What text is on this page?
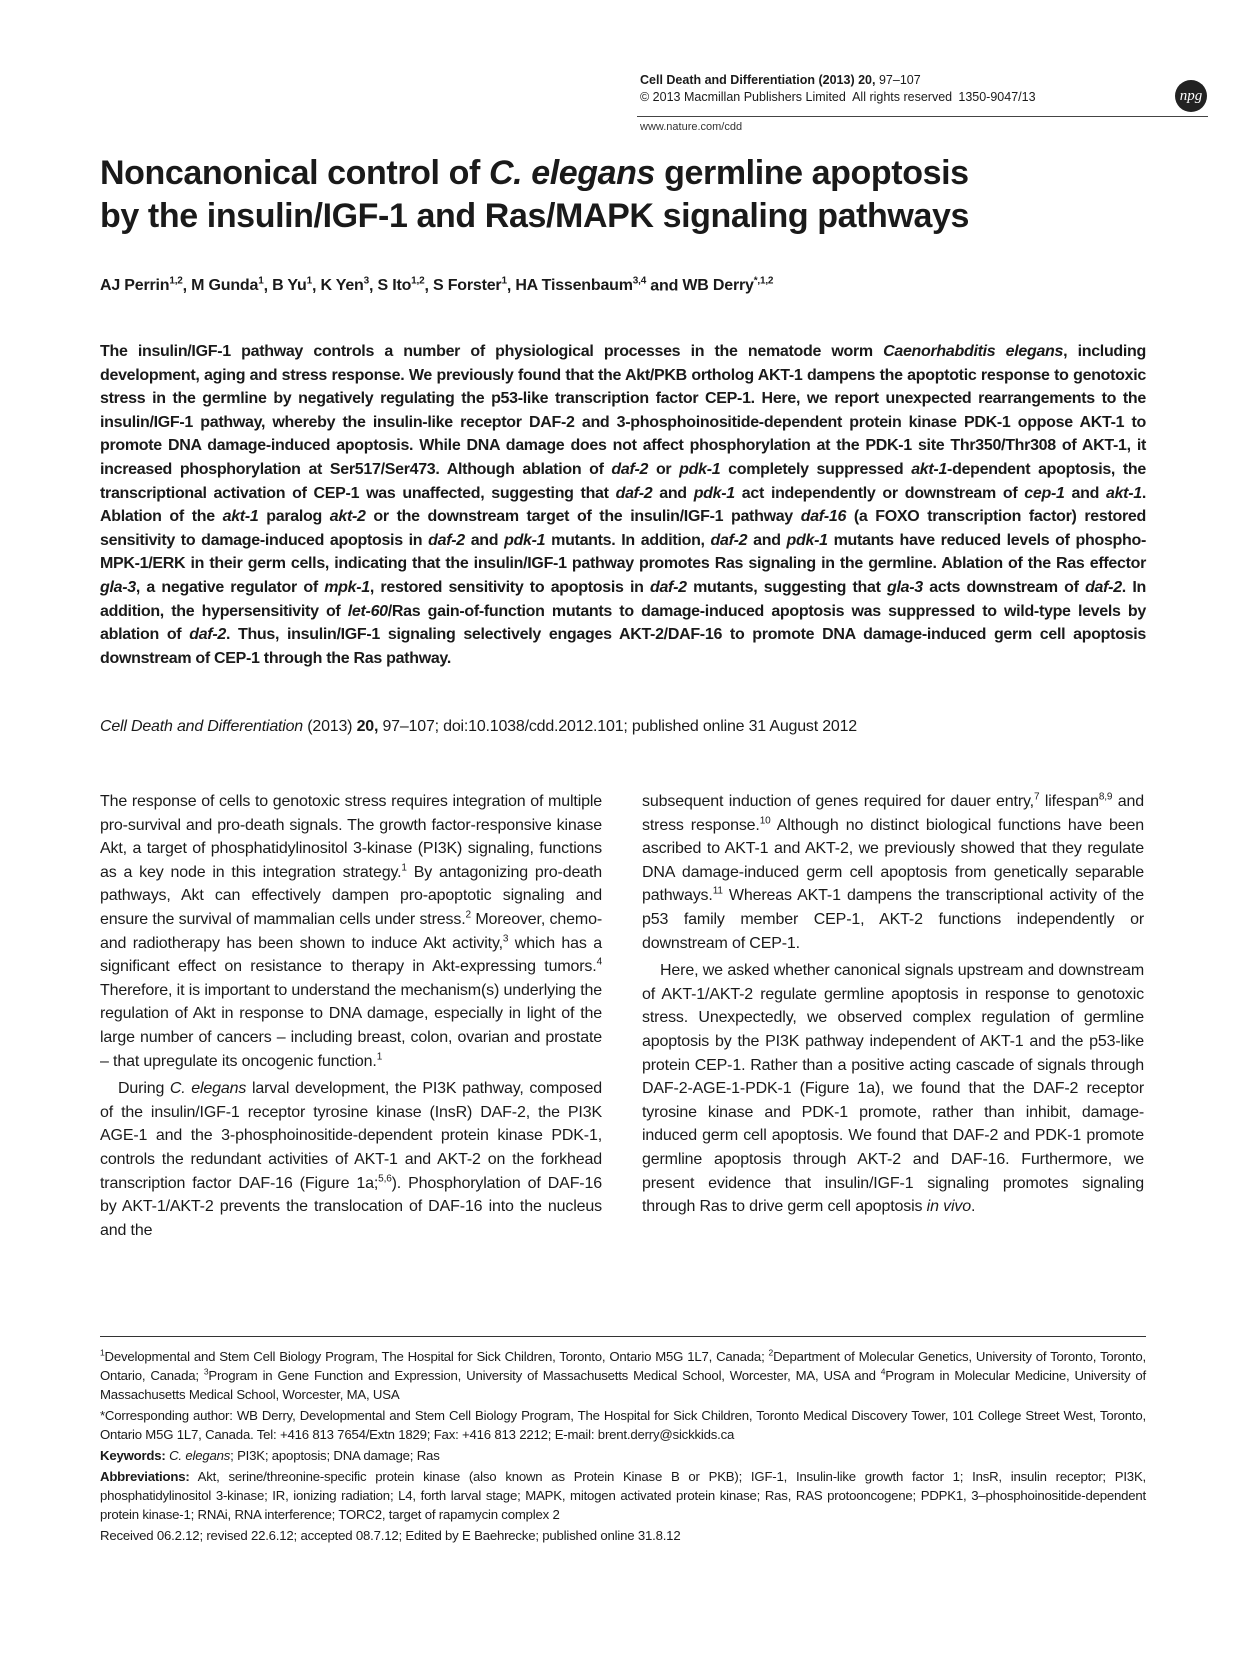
Cell Death and Differentiation (2013) 20, 97–107
© 2013 Macmillan Publishers Limited All rights reserved 1350-9047/13	npg
www.nature.com/cdd
Noncanonical control of C. elegans germline apoptosis
by the insulin/IGF-1 and Ras/MAPK signaling pathways
AJ Perrin$^{1,2}$, M Gunda$^1$, B Yu$^1$, K Yen$^3$, S Ito$^{1,2}$, S Forster$^1$, HA Tissenbaum$^{3,4}$ and WB Derry$^{*,1,2}$
The insulin/IGF-1 pathway controls a number of physiological processes in the nematode worm Caenorhabditis elegans, including development, aging and stress response. We previously found that the Akt/PKB ortholog AKT-1 dampens the apoptotic response to genotoxic stress in the germline by negatively regulating the p53-like transcription factor CEP-1. Here, we report unexpected rearrangements to the insulin/IGF-1 pathway, whereby the insulin-like receptor DAF-2 and 3-phosphoinositide-dependent protein kinase PDK-1 oppose AKT-1 to promote DNA damage-induced apoptosis. While DNA damage does not affect phosphorylation at the PDK-1 site Thr350/Thr308 of AKT-1, it increased phosphorylation at Ser517/Ser473. Although ablation of daf-2 or pdk-1 completely suppressed akt-1-dependent apoptosis, the transcriptional activation of CEP-1 was unaffected, suggesting that daf-2 and pdk-1 act independently or downstream of cep-1 and akt-1. Ablation of the akt-1 paralog akt-2 or the downstream target of the insulin/IGF-1 pathway daf-16 (a FOXO transcription factor) restored sensitivity to damage-induced apoptosis in daf-2 and pdk-1 mutants. In addition, daf-2 and pdk-1 mutants have reduced levels of phospho-MPK-1/ERK in their germ cells, indicating that the insulin/IGF-1 pathway promotes Ras signaling in the germline. Ablation of the Ras effector gla-3, a negative regulator of mpk-1, restored sensitivity to apoptosis in daf-2 mutants, suggesting that gla-3 acts downstream of daf-2. In addition, the hypersensitivity of let-60/Ras gain-of-function mutants to damage-induced apoptosis was suppressed to wild-type levels by ablation of daf-2. Thus, insulin/IGF-1 signaling selectively engages AKT-2/DAF-16 to promote DNA damage-induced germ cell apoptosis downstream of CEP-1 through the Ras pathway.
Cell Death and Differentiation (2013) 20, 97–107; doi:10.1038/cdd.2012.101; published online 31 August 2012

The response of cells to genotoxic stress requires integration of multiple pro-survival and pro-death signals. The growth factor-responsive kinase Akt, a target of phosphatidylinositol 3-kinase (PI3K) signaling, functions as a key node in this integration strategy.$^1$ By antagonizing pro-death pathways, Akt can effectively dampen pro-apoptotic signaling and ensure the survival of mammalian cells under stress.$^2$ Moreover, chemo- and radiotherapy has been shown to induce Akt activity,$^3$ which has a significant effect on resistance to therapy in Akt-expressing tumors.$^4$ Therefore, it is important to understand the mechanism(s) underlying the regulation of Akt in response to DNA damage, especially in light of the large number of cancers – including breast, colon, ovarian and prostate – that upregulate its oncogenic function.$^1$

During C. elegans larval development, the PI3K pathway, composed of the insulin/IGF-1 receptor tyrosine kinase (InsR) DAF-2, the PI3K AGE-1 and the 3-phosphoinositide-dependent protein kinase PDK-1, controls the redundant activities of AKT-1 and AKT-2 on the forkhead transcription factor DAF-16 (Figure 1a;$^{5,6}$). Phosphorylation of DAF-16 by AKT-1/AKT-2 prevents the translocation of DAF-16 into the nucleus and the

subsequent induction of genes required for dauer entry,$^7$ lifespan$^{8,9}$ and stress response.$^{10}$ Although no distinct biological functions have been ascribed to AKT-1 and AKT-2, we previously showed that they regulate DNA damage-induced germ cell apoptosis from genetically separable pathways.$^{11}$ Whereas AKT-1 dampens the transcriptional activity of the p53 family member CEP-1, AKT-2 functions independently or downstream of CEP-1.

Here, we asked whether canonical signals upstream and downstream of AKT-1/AKT-2 regulate germline apoptosis in response to genotoxic stress. Unexpectedly, we observed complex regulation of germline apoptosis by the PI3K pathway independent of AKT-1 and the p53-like protein CEP-1. Rather than a positive acting cascade of signals through DAF-2-AGE-1-PDK-1 (Figure 1a), we found that the DAF-2 receptor tyrosine kinase and PDK-1 promote, rather than inhibit, damage-induced germ cell apoptosis. We found that DAF-2 and PDK-1 promote germline apoptosis through AKT-2 and DAF-16. Furthermore, we present evidence that insulin/IGF-1 signaling promotes signaling through Ras to drive germ cell apoptosis in vivo.

$^1$Developmental and Stem Cell Biology Program, The Hospital for Sick Children, Toronto, Ontario M5G 1L7, Canada; $^2$Department of Molecular Genetics, University of Toronto, Toronto, Ontario, Canada; $^3$Program in Gene Function and Expression, University of Massachusetts Medical School, Worcester, MA, USA and $^4$Program in Molecular Medicine, University of Massachusetts Medical School, Worcester, MA, USA

*Corresponding author: WB Derry, Developmental and Stem Cell Biology Program, The Hospital for Sick Children, Toronto Medical Discovery Tower, 101 College Street West, Toronto, Ontario M5G 1L7, Canada. Tel: +416 813 7654/Extn 1829; Fax: +416 813 2212; E-mail: brent.derry@sickkids.ca

Keywords: C. elegans; PI3K; apoptosis; DNA damage; Ras

Abbreviations: Akt, serine/threonine-specific protein kinase (also known as Protein Kinase B or PKB); IGF-1, Insulin-like growth factor 1; InsR, insulin receptor; PI3K, phosphatidylinositol 3-kinase; IR, ionizing radiation; L4, forth larval stage; MAPK, mitogen activated protein kinase; Ras, RAS protooncogene; PDPK1, 3–phosphoinositide-dependent protein kinase-1; RNAi, RNA interference; TORC2, target of rapamycin complex 2

Received 06.2.12; revised 22.6.12; accepted 08.7.12; Edited by E Baehrecke; published online 31.8.12
